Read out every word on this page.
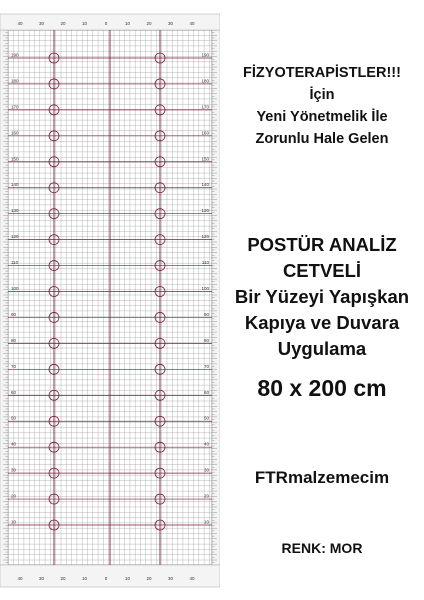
190	190
180	180
170	170
160	160
150	150
140	140
130	130
120	120
110	110
100	100
90	90
80	80
70	70
60	60
50	50
40	40
30	30
20	20
10	10
40
40
30
30
20
20
10
10
0
0
10
10
20
20
30
30
40
40
FİZYOTERAPİSTLER!!!
İçin
Yeni Yönetmelik İle
Zorunlu Hale Gelen
POSTÜR ANALİZ
CETVELİ
Bir Yüzeyi Yapışkan
Kapıya ve Duvara
Uygulama
80 x 200 cm
FTRmalzemecim
RENK: MOR
